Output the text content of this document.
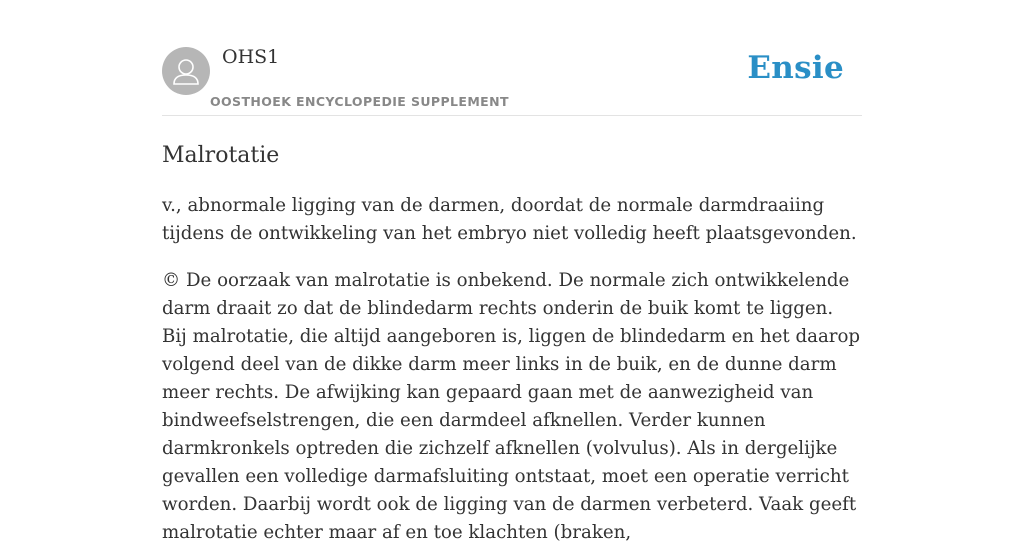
OHS1
OOSTHOEK ENCYCLOPEDIE SUPPLEMENT
Ensie
Malrotatie

v., abnormale ligging van de darmen, doordat de normale darmdraaiing tijdens de ontwikkeling van het embryo niet volledig heeft plaatsgevonden.

© De oorzaak van malrotatie is onbekend. De normale zich ontwikkelende darm draait zo dat de blindedarm rechts onderin de buik komt te liggen. Bij malrotatie, die altijd aangeboren is, liggen de blindedarm en het daarop volgend deel van de dikke darm meer links in de buik, en de dunne darm meer rechts. De afwijking kan gepaard gaan met de aanwezigheid van bindweefselstrengen, die een darmdeel afknellen. Verder kunnen darmkronkels optreden die zichzelf afknellen (volvulus). Als in dergelijke gevallen een volledige darmafsluiting ontstaat, moet een operatie verricht worden. Daarbij wordt ook de ligging van de darmen verbeterd. Vaak geeft malrotatie echter maar af en toe klachten (braken,
